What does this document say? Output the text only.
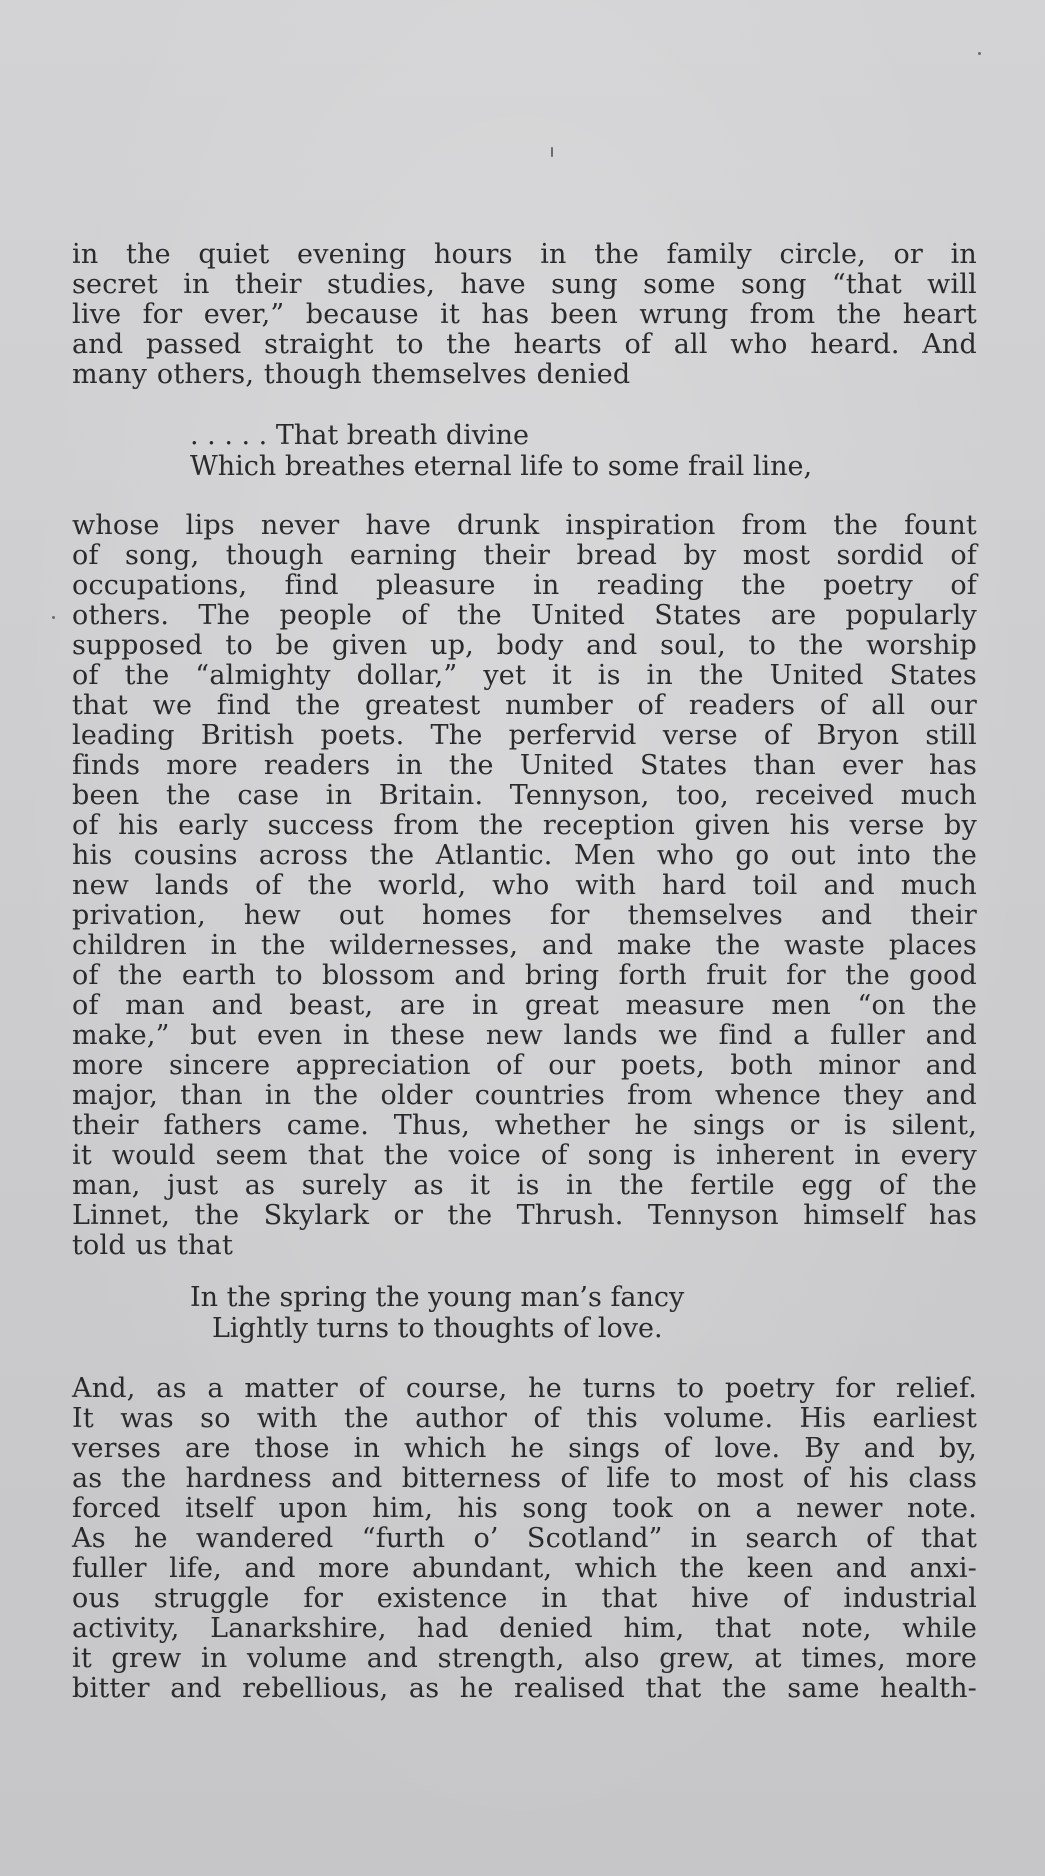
in the quiet evening hours in the family circle, or in
secret in their studies, have sung some song “that will
live for ever,” because it has been wrung from the heart
and passed straight to the hearts of all who heard. And
many others, though themselves denied
. . . . . That breath divine
Which breathes eternal life to some frail line,
whose lips never have drunk inspiration from the fount
of song, though earning their bread by most sordid of
occupations, find pleasure in reading the poetry of
others. The people of the United States are popularly
supposed to be given up, body and soul, to the worship
of the “almighty dollar,” yet it is in the United States
that we find the greatest number of readers of all our
leading British poets. The perfervid verse of Bryon still
finds more readers in the United States than ever has
been the case in Britain. Tennyson, too, received much
of his early success from the reception given his verse by
his cousins across the Atlantic. Men who go out into the
new lands of the world, who with hard toil and much
privation, hew out homes for themselves and their
children in the wildernesses, and make the waste places
of the earth to blossom and bring forth fruit for the good
of man and beast, are in great measure men “on the
make,” but even in these new lands we find a fuller and
more sincere appreciation of our poets, both minor and
major, than in the older countries from whence they and
their fathers came. Thus, whether he sings or is silent,
it would seem that the voice of song is inherent in every
man, just as surely as it is in the fertile egg of the
Linnet, the Skylark or the Thrush. Tennyson himself has
told us that
In the spring the young man’s fancy
Lightly turns to thoughts of love.
And, as a matter of course, he turns to poetry for relief.
It was so with the author of this volume. His earliest
verses are those in which he sings of love. By and by,
as the hardness and bitterness of life to most of his class
forced itself upon him, his song took on a newer note.
As he wandered “furth o’ Scotland” in search of that
fuller life, and more abundant, which the keen and anxi-
ous struggle for existence in that hive of industrial
activity, Lanarkshire, had denied him, that note, while
it grew in volume and strength, also grew, at times, more
bitter and rebellious, as he realised that the same health-
